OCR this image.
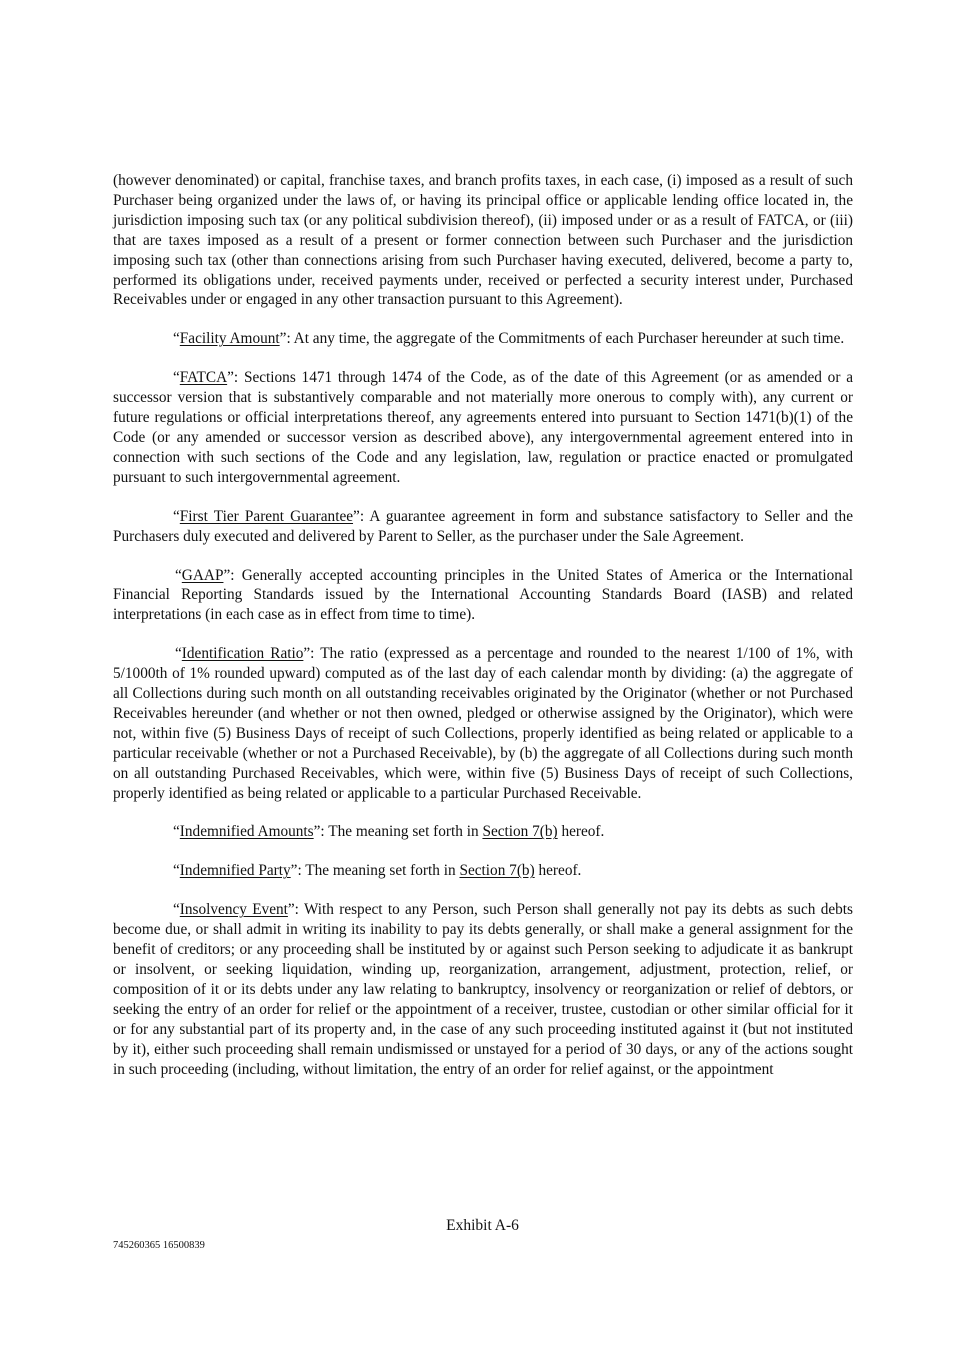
(however denominated) or capital, franchise taxes, and branch profits taxes, in each case, (i) imposed as a result of such Purchaser being organized under the laws of, or having its principal office or applicable lending office located in, the jurisdiction imposing such tax (or any political subdivision thereof), (ii) imposed under or as a result of FATCA, or (iii) that are taxes imposed as a result of a present or former connection between such Purchaser and the jurisdiction imposing such tax (other than connections arising from such Purchaser having executed, delivered, become a party to, performed its obligations under, received payments under, received or perfected a security interest under, Purchased Receivables under or engaged in any other transaction pursuant to this Agreement).

“Facility Amount”: At any time, the aggregate of the Commitments of each Purchaser hereunder at such time.

“FATCA”: Sections 1471 through 1474 of the Code, as of the date of this Agreement (or as amended or a successor version that is substantively comparable and not materially more onerous to comply with), any current or future regulations or official interpretations thereof, any agreements entered into pursuant to Section 1471(b)(1) of the Code (or any amended or successor version as described above), any intergovernmental agreement entered into in connection with such sections of the Code and any legislation, law, regulation or practice enacted or promulgated pursuant to such intergovernmental agreement.

“First Tier Parent Guarantee”: A guarantee agreement in form and substance satisfactory to Seller and the Purchasers duly executed and delivered by Parent to Seller, as the purchaser under the Sale Agreement.

“GAAP”: Generally accepted accounting principles in the United States of America or the International Financial Reporting Standards issued by the International Accounting Standards Board (IASB) and related interpretations (in each case as in effect from time to time).

“Identification Ratio”: The ratio (expressed as a percentage and rounded to the nearest 1/100 of 1%, with 5/1000th of 1% rounded upward) computed as of the last day of each calendar month by dividing: (a) the aggregate of all Collections during such month on all outstanding receivables originated by the Originator (whether or not Purchased Receivables hereunder (and whether or not then owned, pledged or otherwise assigned by the Originator), which were not, within five (5) Business Days of receipt of such Collections, properly identified as being related or applicable to a particular receivable (whether or not a Purchased Receivable), by (b) the aggregate of all Collections during such month on all outstanding Purchased Receivables, which were, within five (5) Business Days of receipt of such Collections, properly identified as being related or applicable to a particular Purchased Receivable.

“Indemnified Amounts”: The meaning set forth in Section 7(b) hereof.

“Indemnified Party”: The meaning set forth in Section 7(b) hereof.

“Insolvency Event”: With respect to any Person, such Person shall generally not pay its debts as such debts become due, or shall admit in writing its inability to pay its debts generally, or shall make a general assignment for the benefit of creditors; or any proceeding shall be instituted by or against such Person seeking to adjudicate it as bankrupt or insolvent, or seeking liquidation, winding up, reorganization, arrangement, adjustment, protection, relief, or composition of it or its debts under any law relating to bankruptcy, insolvency or reorganization or relief of debtors, or seeking the entry of an order for relief or the appointment of a receiver, trustee, custodian or other similar official for it or for any substantial part of its property and, in the case of any such proceeding instituted against it (but not instituted by it), either such proceeding shall remain undismissed or unstayed for a period of 30 days, or any of the actions sought in such proceeding (including, without limitation, the entry of an order for relief against, or the appointment

Exhibit A-6
745260365 16500839
